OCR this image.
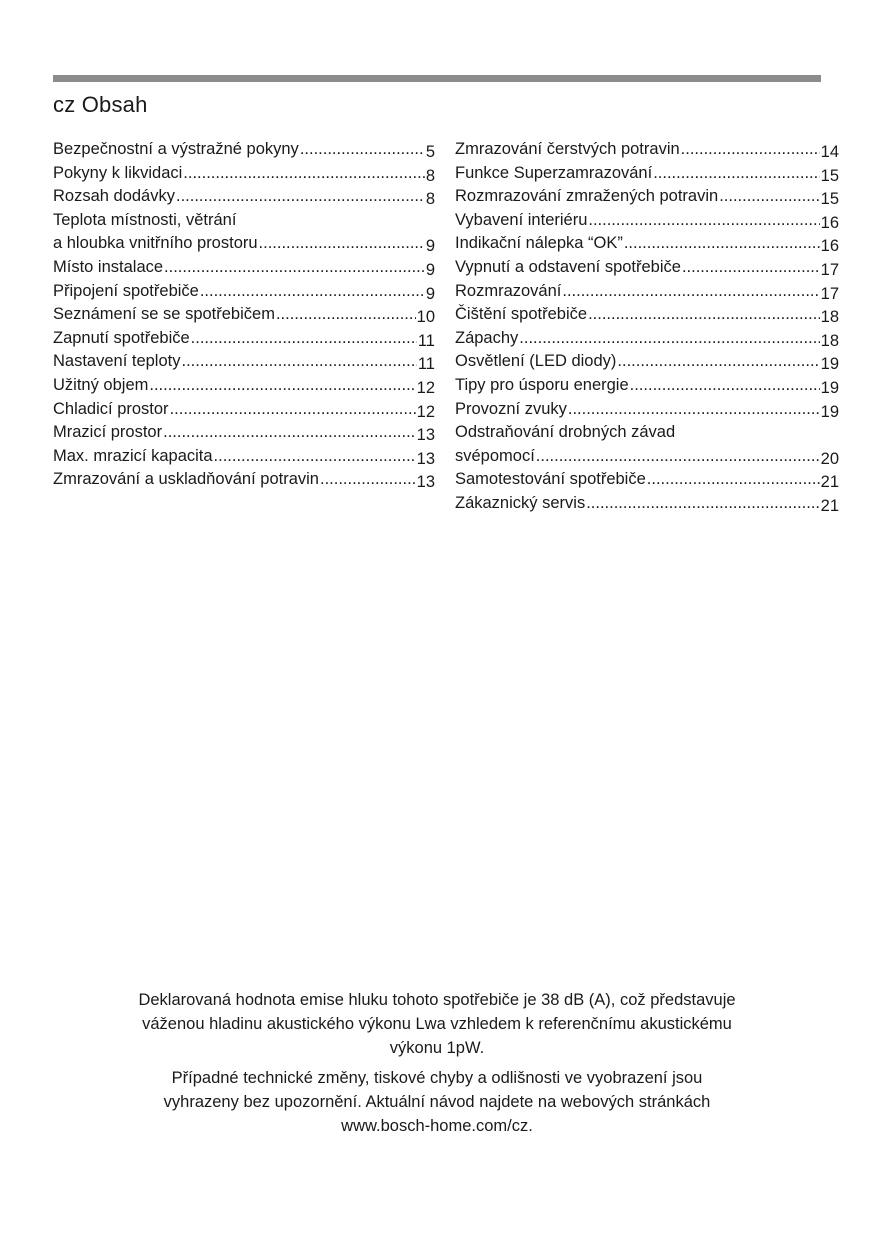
cz Obsah
Bezpečnostní a výstražné pokyny .....	5
Pokyny k likvidaci .....	8
Rozsah dodávky .....	8
Teplota místnosti, větrání
a hloubka vnitřního prostoru .....	9
Místo instalace .....	9
Připojení spotřebiče .....	9
Seznámení se se spotřebičem .....	10
Zapnutí spotřebiče .....	11
Nastavení teploty .....	11
Užitný objem .....	12
Chladicí prostor .....	12
Mrazicí prostor .....	13
Max. mrazicí kapacita .....	13
Zmrazování a uskladňování potravin .....	13
Zmrazování čerstvých potravin .....	14
Funkce Superzamrazování .....	15
Rozmrazování zmražených potravin .....	15
Vybavení interiéru .....	16
Indikační nálepka “OK” .....	16
Vypnutí a odstavení spotřebiče .....	17
Rozmrazování .....	17
Čištění spotřebiče .....	18
Zápachy .....	18
Osvětlení (LED diody) .....	19
Tipy pro úsporu energie .....	19
Provozní zvuky .....	19
Odstraňování drobných závad
svépomocí .....	20
Samotestování spotřebiče .....	21
Zákaznický servis .....	21

Deklarovaná hodnota emise hluku tohoto spotřebiče je 38 dB (A), což představuje
váženou hladinu akustického výkonu Lwa vzhledem k referenčnímu akustickému
výkonu 1pW.

Případné technické změny, tiskové chyby a odlišnosti ve vyobrazení jsou
vyhrazeny bez upozornění. Aktuální návod najdete na webových stránkách
www.bosch-home.com/cz.
